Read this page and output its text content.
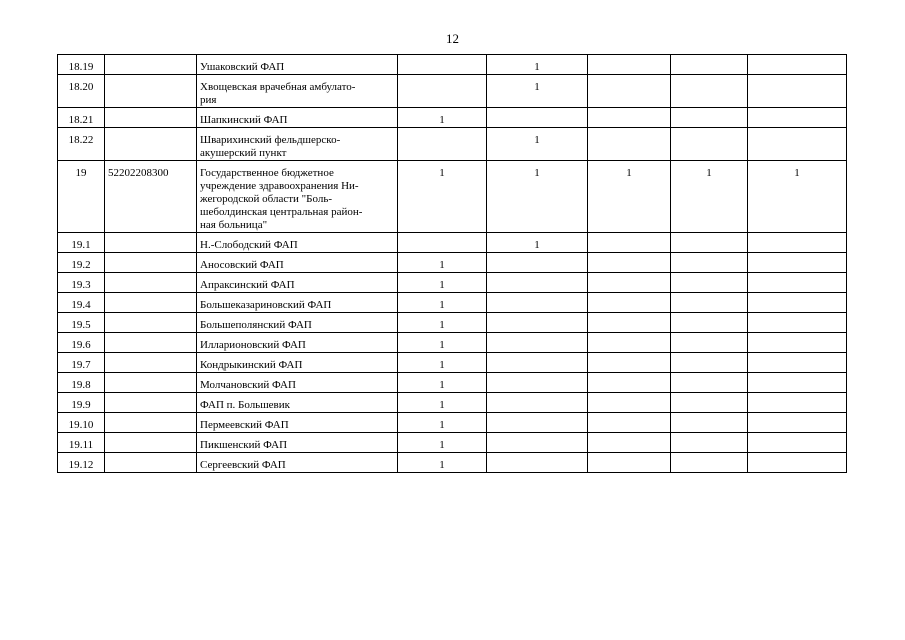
12
18.19		Ушаковский ФАП		1			
18.20		Хвощевская врачебная амбулато-
рия		1			
18.21		Шапкинский ФАП	1				
18.22		Шварихинский фельдшерско-
акушерский пункт		1			
19	52202208300	Государственное бюджетное
учреждение здравоохранения Ни-
жегородской области "Боль-
шеболдинская центральная район-
ная больница"	1	1	1	1	1
19.1		Н.-Слободский ФАП		1			
19.2		Аносовский ФАП	1				
19.3		Апраксинский ФАП	1				
19.4		Большеказариновский ФАП	1				
19.5		Большеполянский ФАП	1				
19.6		Илларионовский ФАП	1				
19.7		Кондрыкинский ФАП	1				
19.8		Молчановский ФАП	1				
19.9		ФАП п. Большевик	1				
19.10		Пермеевский ФАП	1				
19.11		Пикшенский ФАП	1				
19.12		Сергеевский ФАП	1				
